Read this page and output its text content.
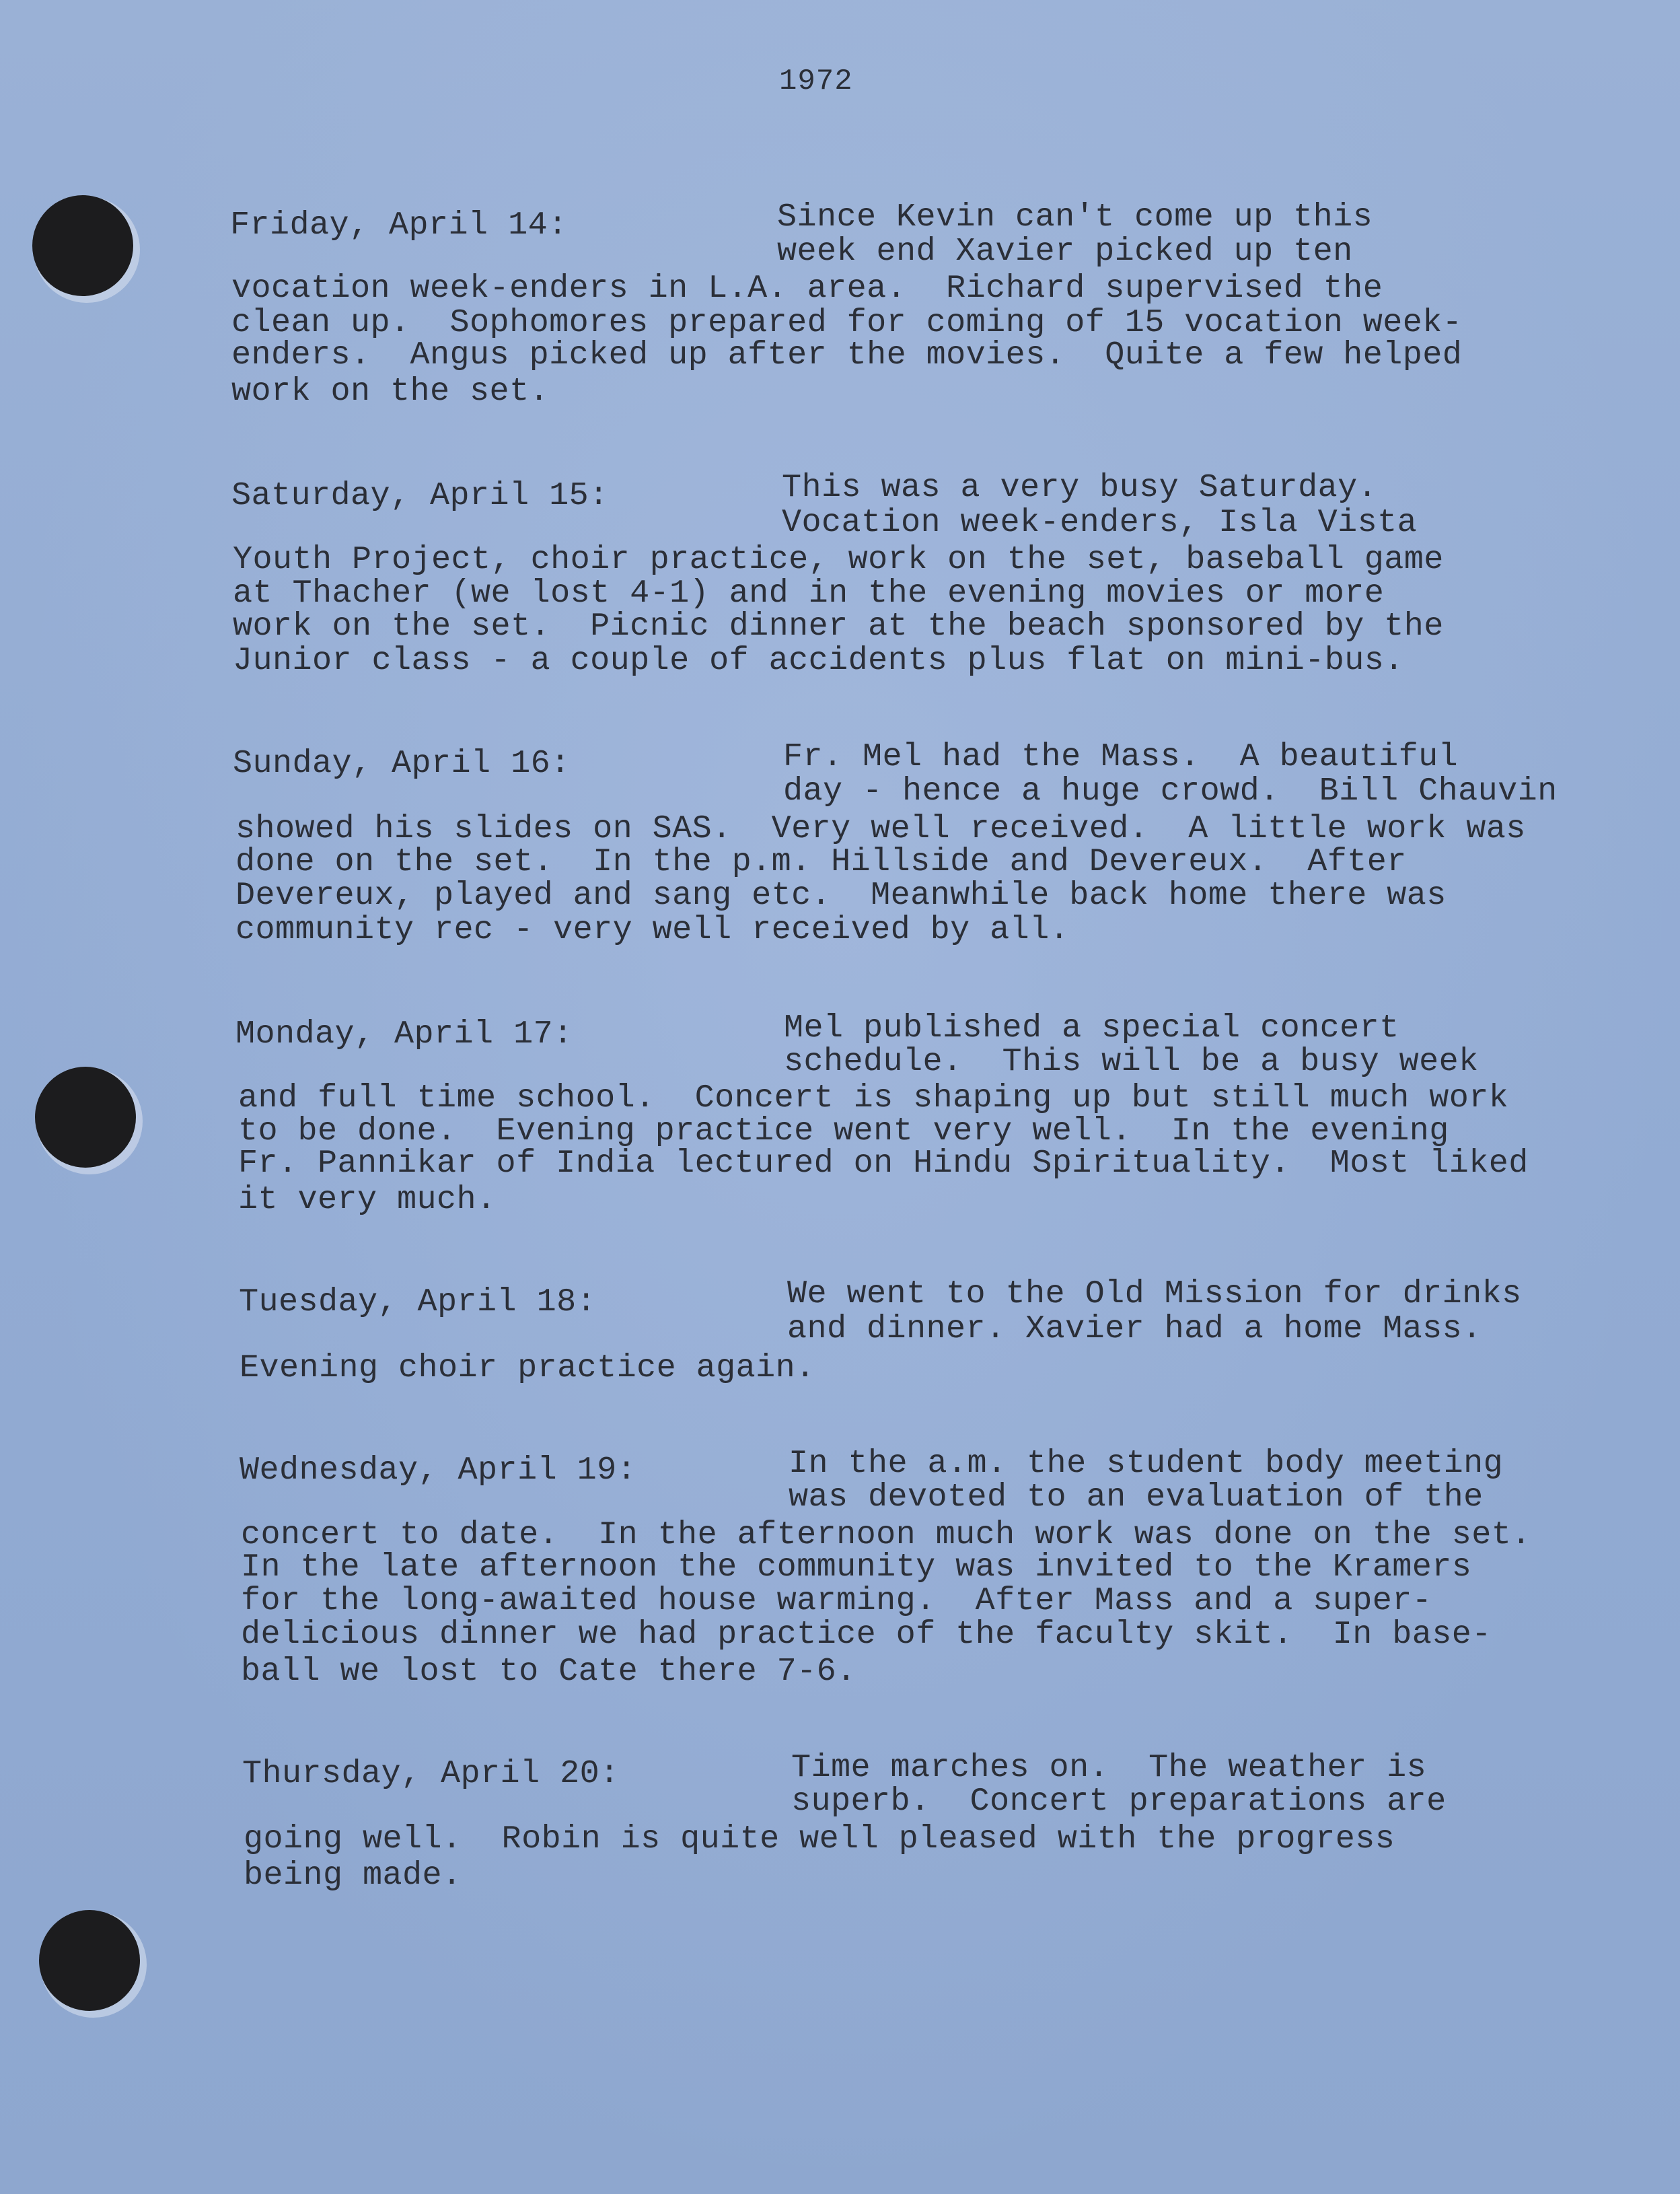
1972
Friday, April 14:	Since Kevin can't come up this
week end Xavier picked up ten
vocation week-enders in L.A. area.  Richard supervised the
clean up.  Sophomores prepared for coming of 15 vocation week-
enders.  Angus picked up after the movies.  Quite a few helped
work on the set.
Saturday, April 15:	This was a very busy Saturday.
Vocation week-enders, Isla Vista
Youth Project, choir practice, work on the set, baseball game
at Thacher (we lost 4-1) and in the evening movies or more
work on the set.  Picnic dinner at the beach sponsored by the
Junior class - a couple of accidents plus flat on mini-bus.
Sunday, April 16:	Fr. Mel had the Mass.  A beautiful
day - hence a huge crowd.  Bill Chauvin
showed his slides on SAS.  Very well received.  A little work was
done on the set.  In the p.m. Hillside and Devereux.  After
Devereux, played and sang etc.  Meanwhile back home there was
community rec - very well received by all.
Monday, April 17:	Mel published a special concert
schedule.  This will be a busy week
and full time school.  Concert is shaping up but still much work
to be done.  Evening practice went very well.  In the evening
Fr. Pannikar of India lectured on Hindu Spirituality.  Most liked
it very much.
Tuesday, April 18:	We went to the Old Mission for drinks
and dinner. Xavier had a home Mass.
Evening choir practice again.
Wednesday, April 19:	In the a.m. the student body meeting
was devoted to an evaluation of the
concert to date.  In the afternoon much work was done on the set.
In the late afternoon the community was invited to the Kramers
for the long-awaited house warming.  After Mass and a super-
delicious dinner we had practice of the faculty skit.  In base-
ball we lost to Cate there 7-6.
Thursday, April 20:	Time marches on.  The weather is
superb.  Concert preparations are
going well.  Robin is quite well pleased with the progress
being made.
